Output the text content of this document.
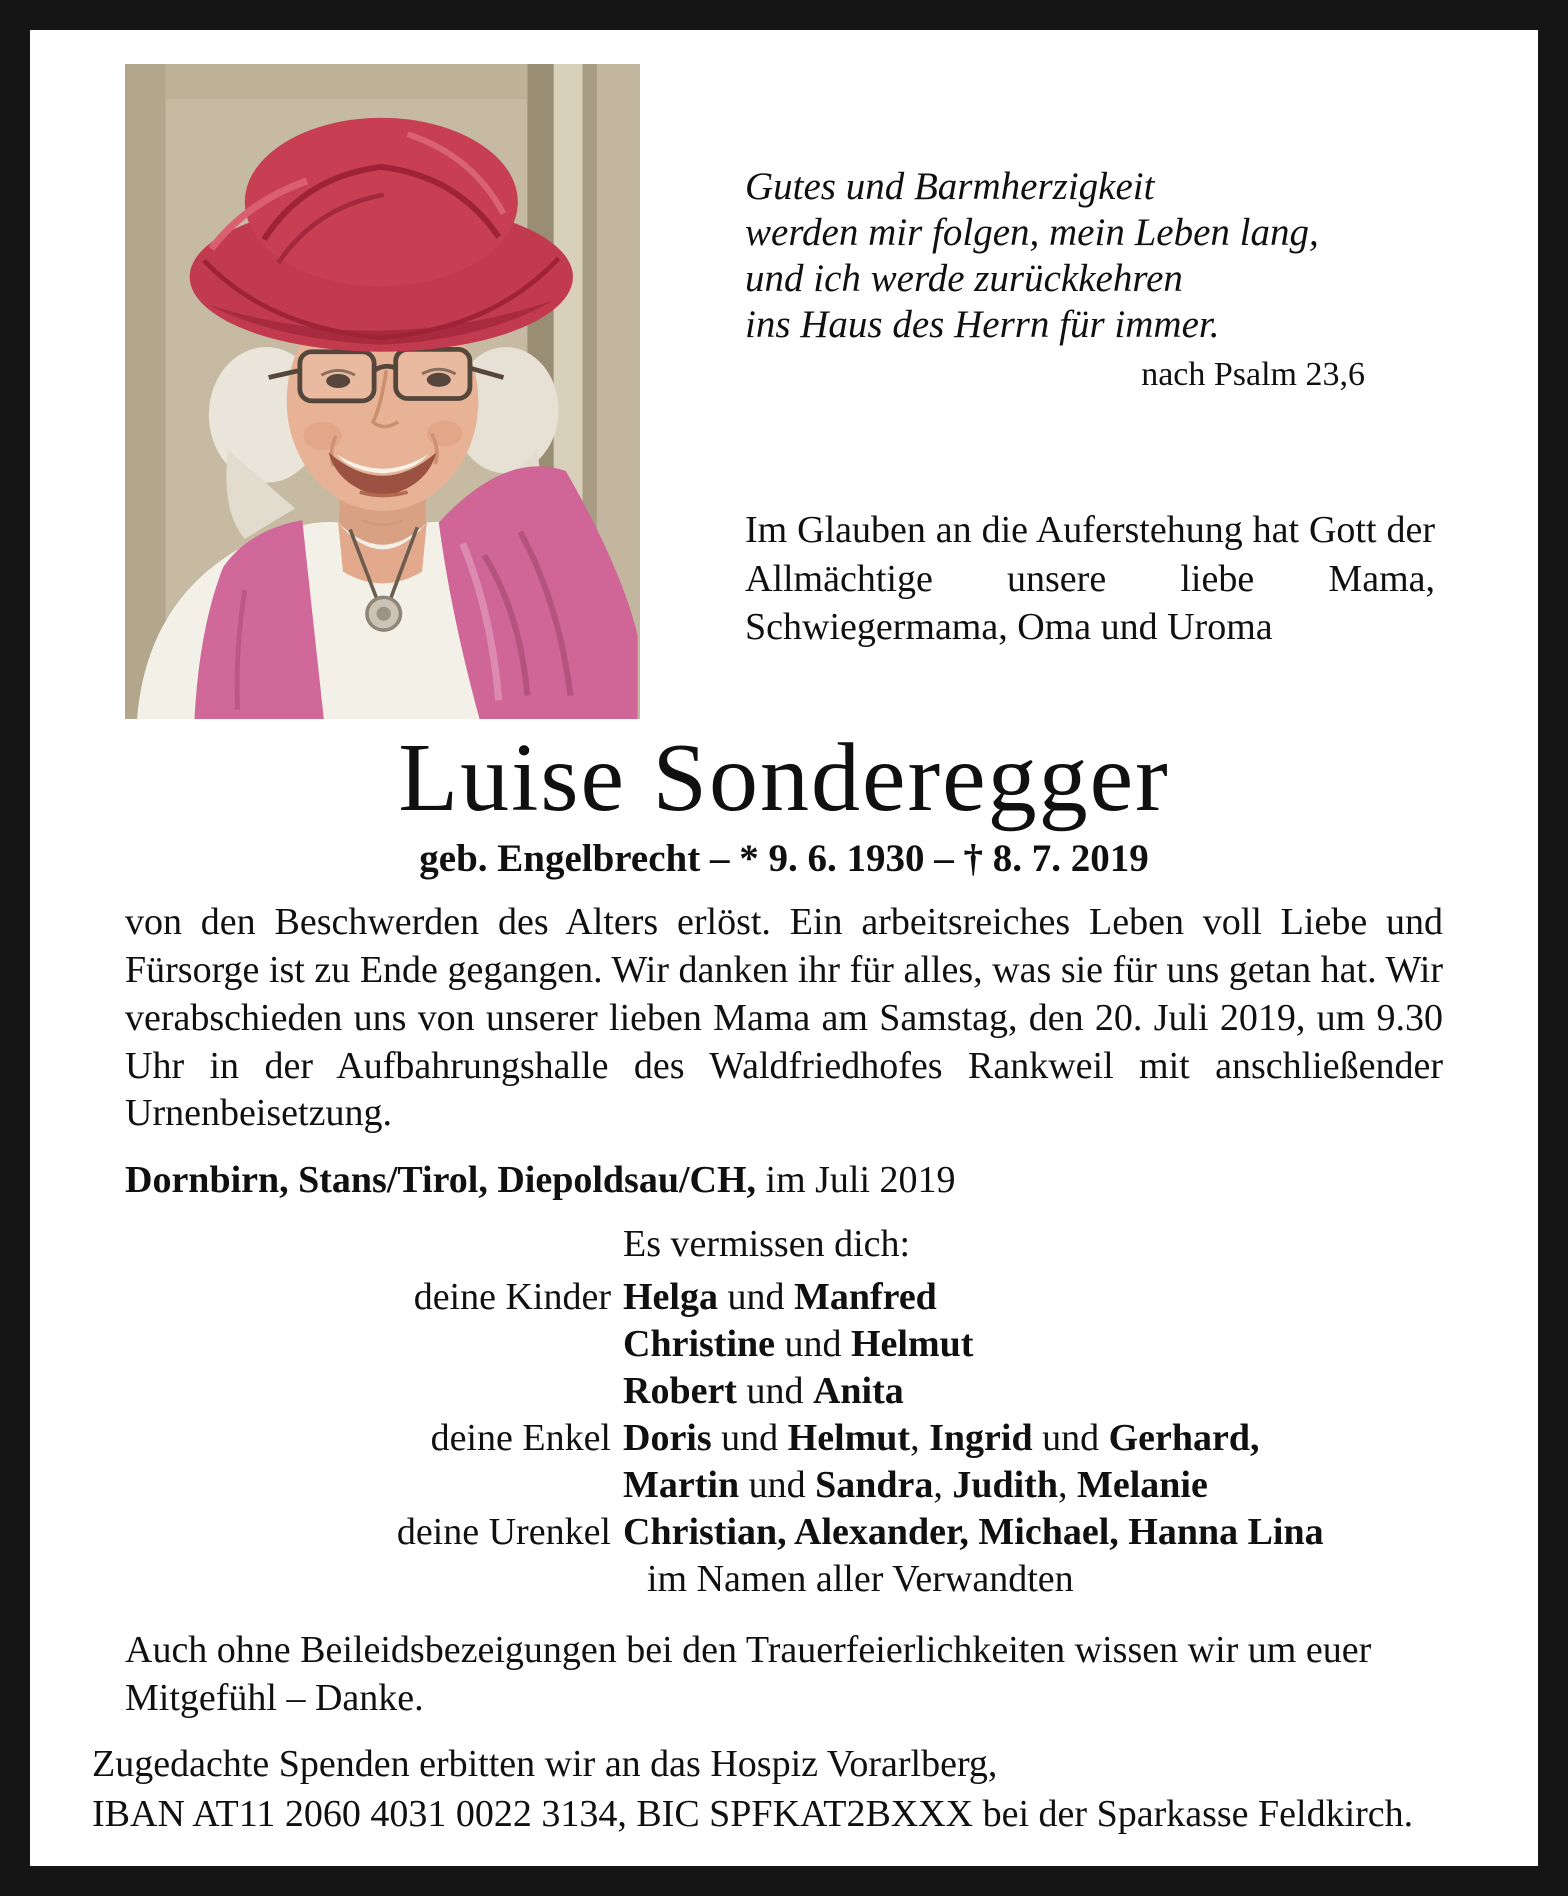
Gutes und Barmherzigkeit
werden mir folgen, mein Leben lang,
und ich werde zurückkehren
ins Haus des Herrn für immer.
nach Psalm 23,6
Im Glauben an die Auferstehung hat Gott der Allmächtige unsere liebe Mama, Schwiegermama, Oma und Uroma
Luise Sonderegger
geb. Engelbrecht – * 9. 6. 1930 – † 8. 7. 2019
von den Beschwerden des Alters erlöst. Ein arbeitsreiches Leben voll Liebe und Fürsorge ist zu Ende gegangen. Wir danken ihr für alles, was sie für uns getan hat. Wir verabschieden uns von unserer lieben Mama am Samstag, den 20. Juli 2019, um 9.30 Uhr in der Aufbahrungshalle des Waldfriedhofes Rankweil mit anschließender Urnenbeisetzung.
Dornbirn, Stans/Tirol, Diepoldsau/CH, im Juli 2019
Es vermissen dich:
deine Kinder Helga und Manfred
Christine und Helmut
Robert und Anita
deine Enkel Doris und Helmut, Ingrid und Gerhard,
Martin und Sandra, Judith, Melanie
deine Urenkel Christian, Alexander, Michael, Hanna Lina
im Namen aller Verwandten
Auch ohne Beileidsbezeigungen bei den Trauerfeierlichkeiten wissen wir um euer Mitgefühl – Danke.
Zugedachte Spenden erbitten wir an das Hospiz Vorarlberg,
IBAN AT11 2060 4031 0022 3134, BIC SPFKAT2BXXX bei der Sparkasse Feldkirch.
